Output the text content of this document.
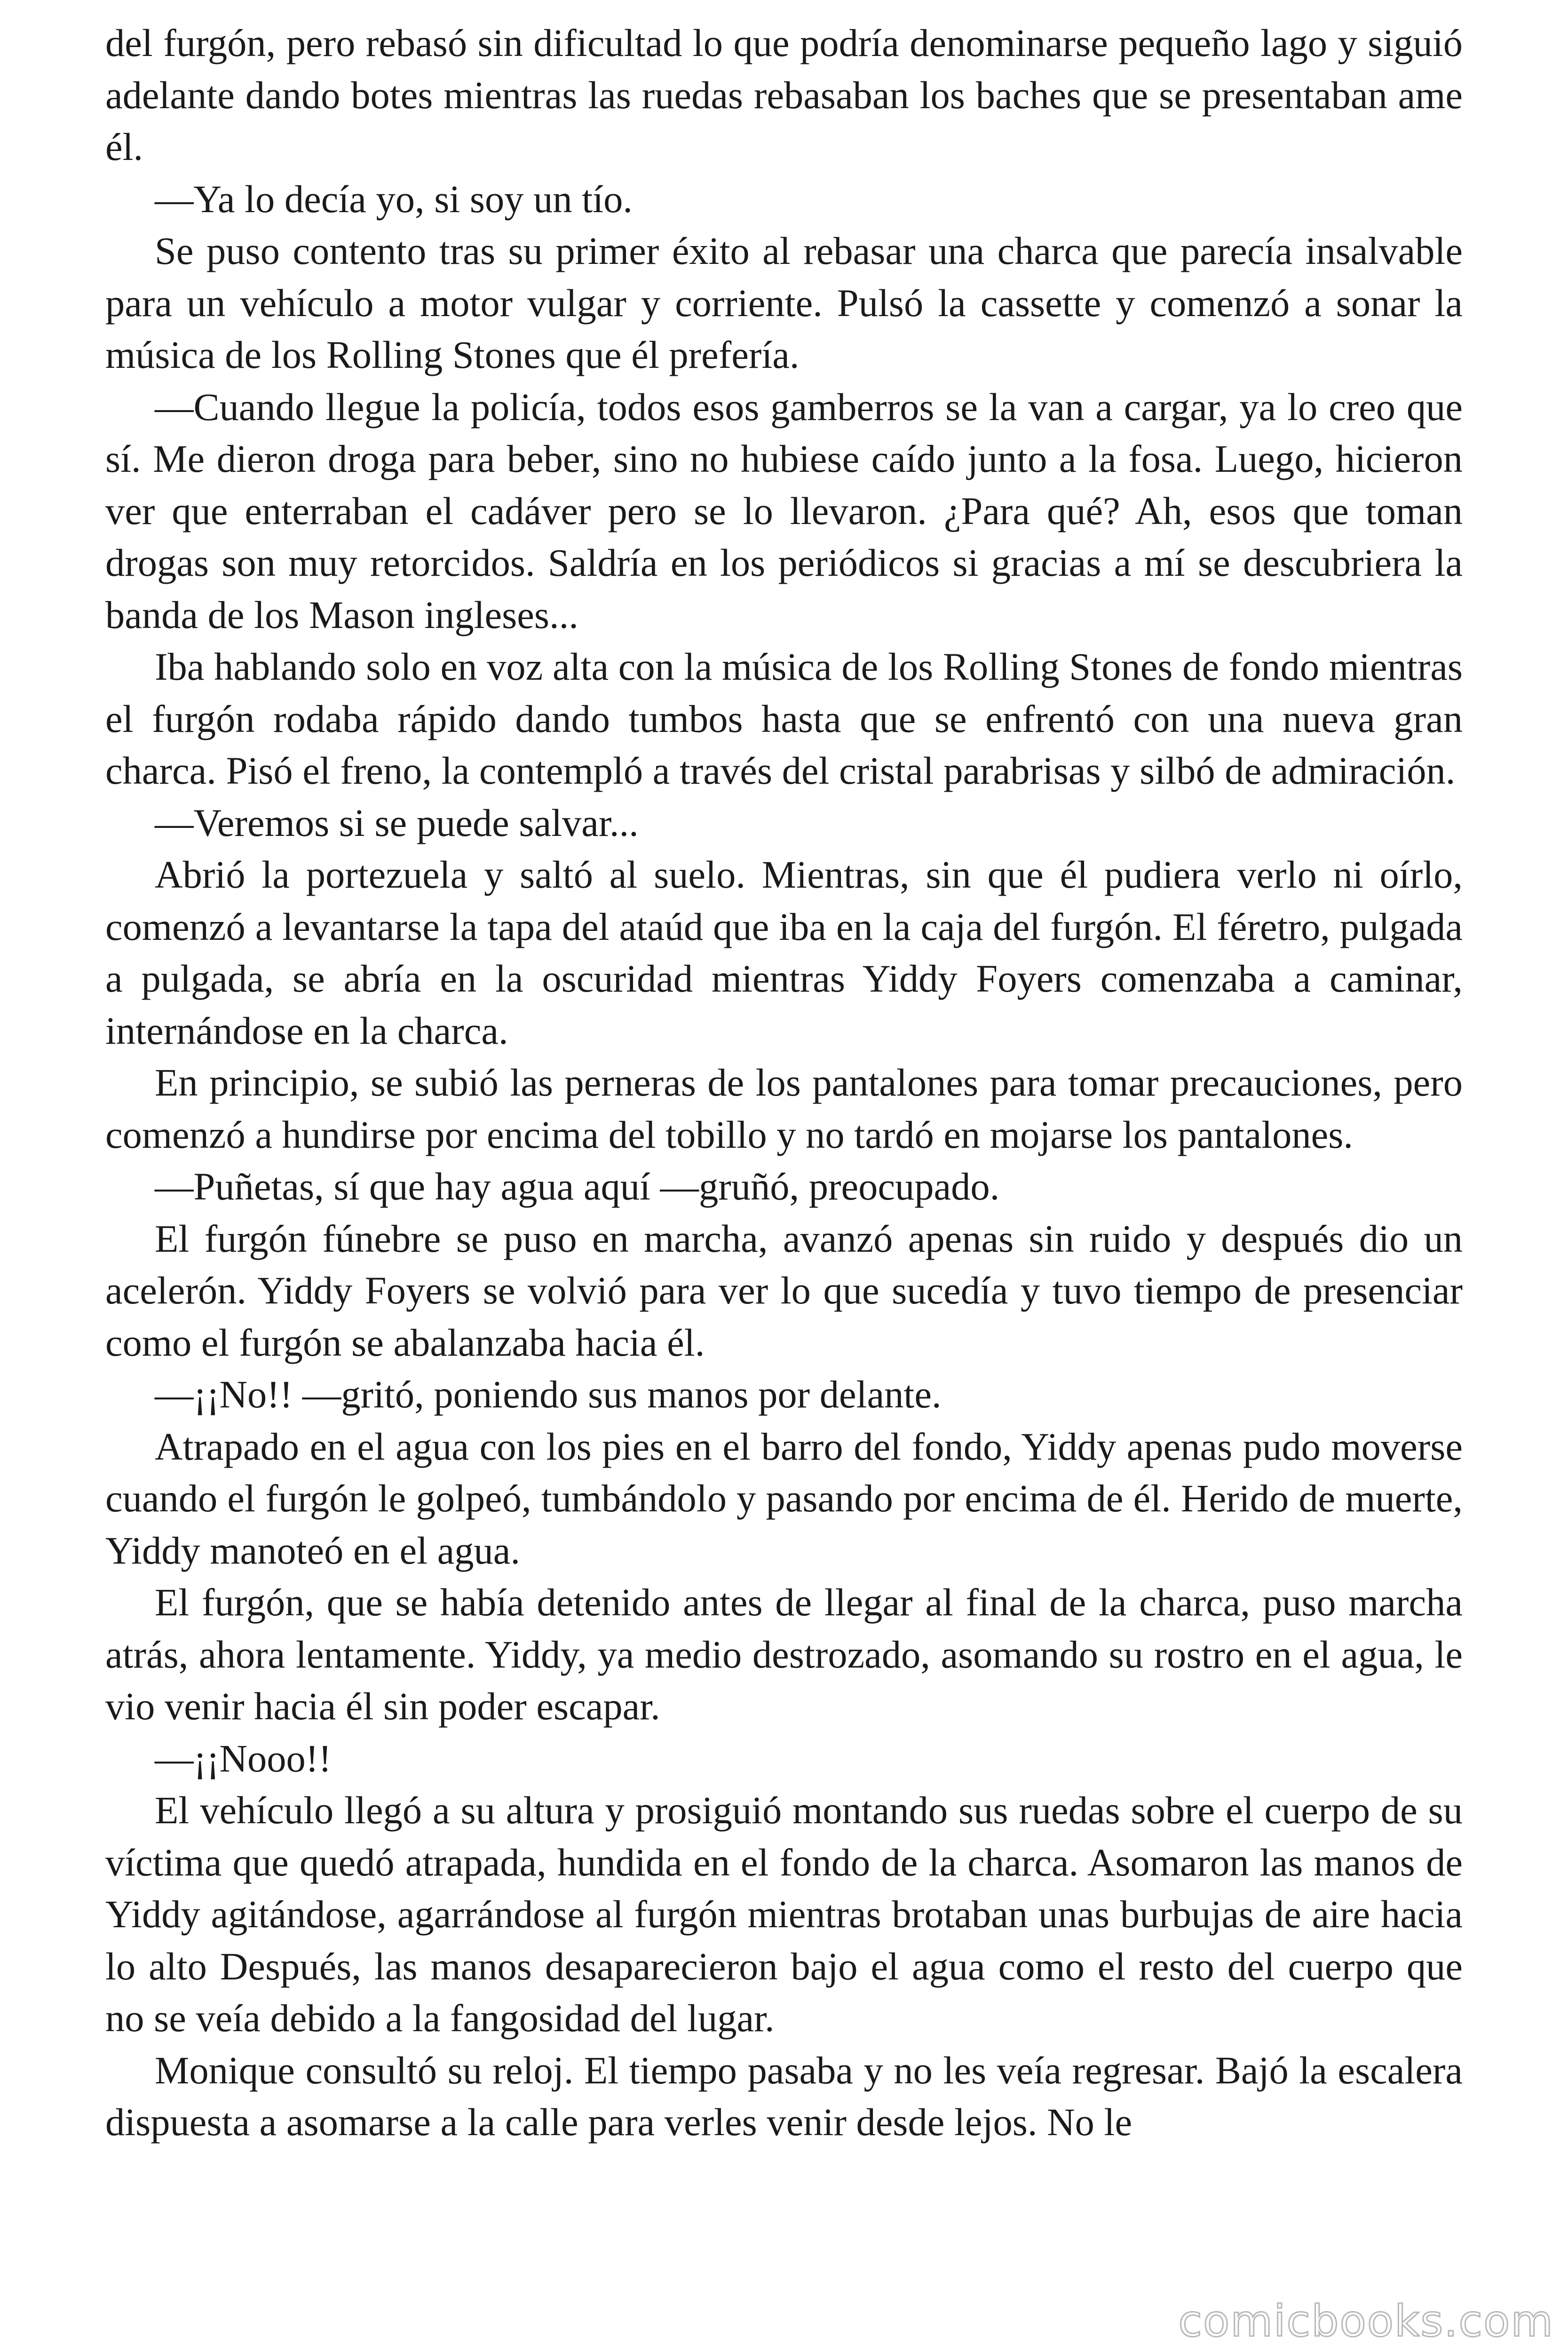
del furgón, pero rebasó sin dificultad lo que podría denominarse pequeño lago y siguió adelante dando botes mientras las ruedas rebasaban los baches que se presentaban ame él.

—Ya lo decía yo, si soy un tío.

Se puso contento tras su primer éxito al rebasar una charca que parecía insalvable para un vehículo a motor vulgar y corriente. Pulsó la cassette y comenzó a sonar la música de los Rolling Stones que él prefería.

—Cuando llegue la policía, todos esos gamberros se la van a cargar, ya lo creo que sí. Me dieron droga para beber, sino no hubiese caído junto a la fosa. Luego, hicieron ver que enterraban el cadáver pero se lo llevaron. ¿Para qué? Ah, esos que toman drogas son muy retorcidos. Saldría en los periódicos si gracias a mí se descubriera la banda de los Mason ingleses...

Iba hablando solo en voz alta con la música de los Rolling Stones de fondo mientras el furgón rodaba rápido dando tumbos hasta que se enfrentó con una nueva gran charca. Pisó el freno, la contempló a través del cristal parabrisas y silbó de admiración.

—Veremos si se puede salvar...

Abrió la portezuela y saltó al suelo. Mientras, sin que él pudiera verlo ni oírlo, comenzó a levantarse la tapa del ataúd que iba en la caja del furgón. El féretro, pulgada a pulgada, se abría en la oscuridad mientras Yiddy Foyers comenzaba a caminar, internándose en la charca.

En principio, se subió las perneras de los pantalones para tomar precauciones, pero comenzó a hundirse por encima del tobillo y no tardó en mojarse los pantalones.

—Puñetas, sí que hay agua aquí —gruñó, preocupado.

El furgón fúnebre se puso en marcha, avanzó apenas sin ruido y después dio un acelerón. Yiddy Foyers se volvió para ver lo que sucedía y tuvo tiempo de presenciar como el furgón se abalanzaba hacia él.

—¡¡No!! —gritó, poniendo sus manos por delante.

Atrapado en el agua con los pies en el barro del fondo, Yiddy apenas pudo moverse cuando el furgón le golpeó, tumbándolo y pasando por encima de él. Herido de muerte, Yiddy manoteó en el agua.

El furgón, que se había detenido antes de llegar al final de la charca, puso marcha atrás, ahora lentamente. Yiddy, ya medio destrozado, asomando su rostro en el agua, le vio venir hacia él sin poder escapar.

—¡¡Nooo!!

El vehículo llegó a su altura y prosiguió montando sus ruedas sobre el cuerpo de su víctima que quedó atrapada, hundida en el fondo de la charca. Asomaron las manos de Yiddy agitándose, agarrándose al furgón mientras brotaban unas burbujas de aire hacia lo alto Después, las manos desaparecieron bajo el agua como el resto del cuerpo que no se veía debido a la fangosidad del lugar.

Monique consultó su reloj. El tiempo pasaba y no les veía regresar. Bajó la escalera dispuesta a asomarse a la calle para verles venir desde lejos. No le

comicbooks.com
